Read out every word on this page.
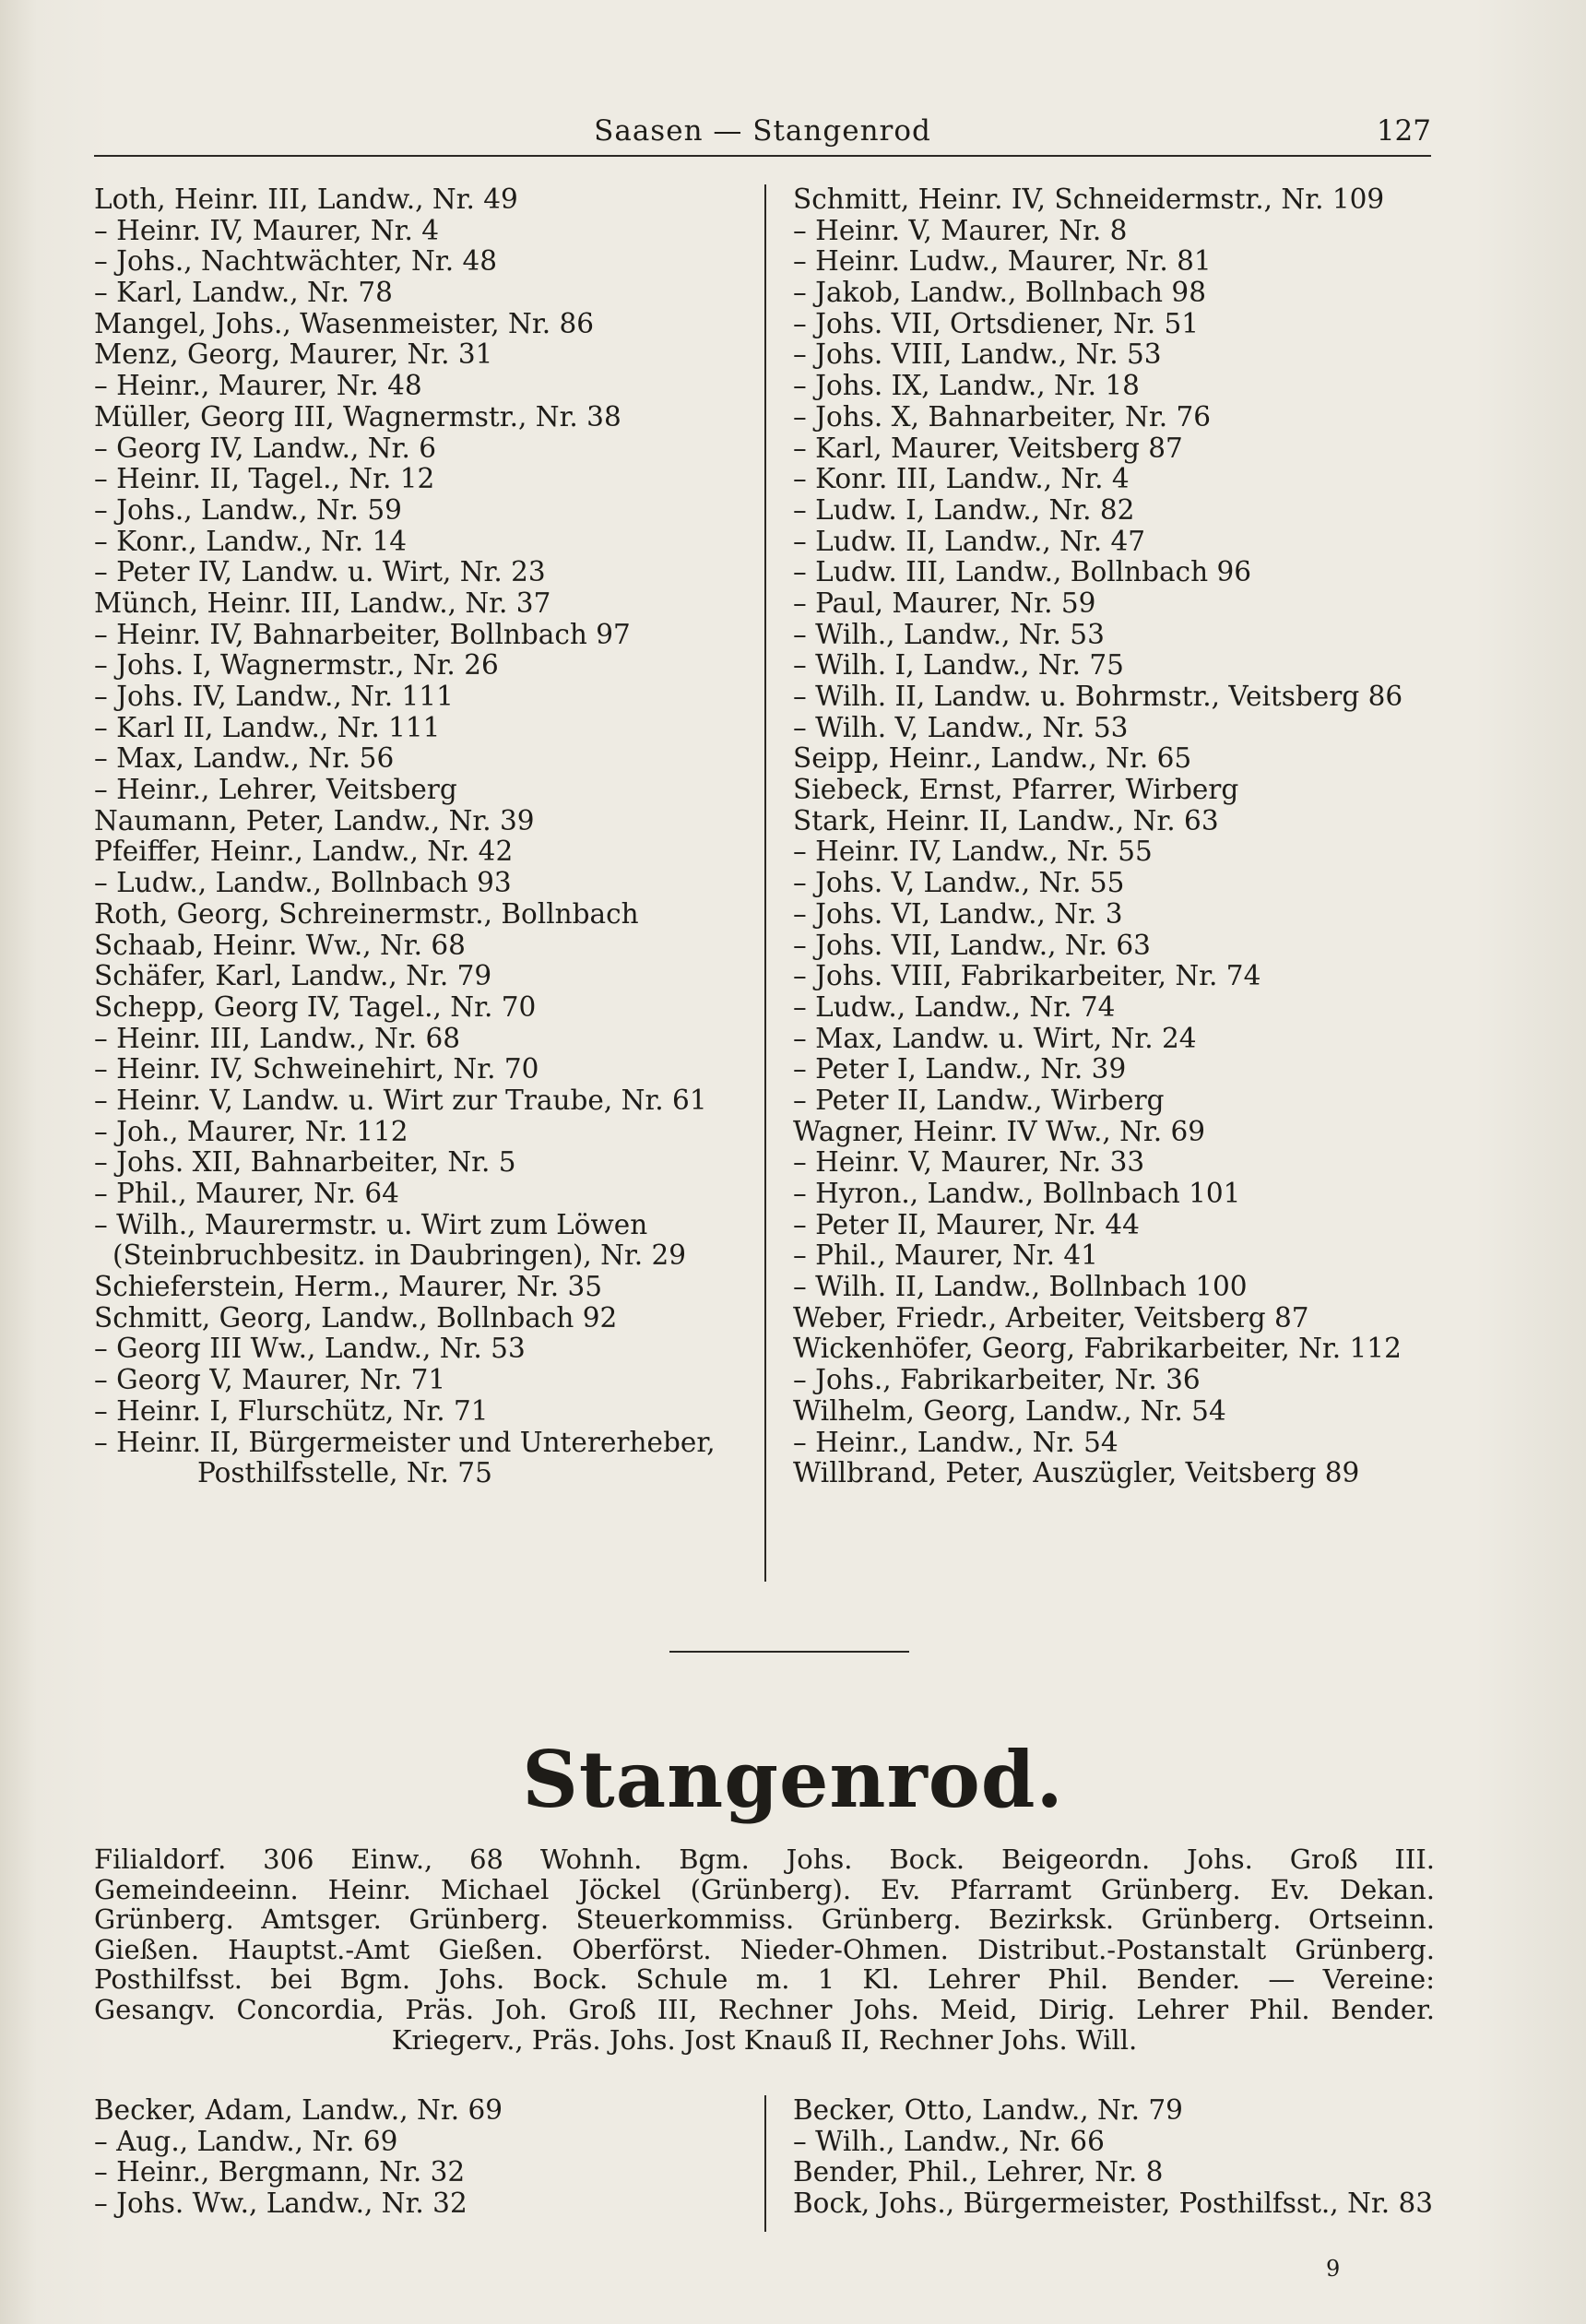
Saasen — Stangenrod	127
Loth, Heinr. III, Landw., Nr. 49
– Heinr. IV, Maurer, Nr. 4
– Johs., Nachtwächter, Nr. 48
– Karl, Landw., Nr. 78
Mangel, Johs., Wasenmeister, Nr. 86
Menz, Georg, Maurer, Nr. 31
– Heinr., Maurer, Nr. 48
Müller, Georg III, Wagnermstr., Nr. 38
– Georg IV, Landw., Nr. 6
– Heinr. II, Tagel., Nr. 12
– Johs., Landw., Nr. 59
– Konr., Landw., Nr. 14
– Peter IV, Landw. u. Wirt, Nr. 23
Münch, Heinr. III, Landw., Nr. 37
– Heinr. IV, Bahnarbeiter, Bollnbach 97
– Johs. I, Wagnermstr., Nr. 26
– Johs. IV, Landw., Nr. 111
– Karl II, Landw., Nr. 111
– Max, Landw., Nr. 56
– Heinr., Lehrer, Veitsberg
Naumann, Peter, Landw., Nr. 39
Pfeiffer, Heinr., Landw., Nr. 42
– Ludw., Landw., Bollnbach 93
Roth, Georg, Schreinermstr., Bollnbach
Schaab, Heinr. Ww., Nr. 68
Schäfer, Karl, Landw., Nr. 79
Schepp, Georg IV, Tagel., Nr. 70
– Heinr. III, Landw., Nr. 68
– Heinr. IV, Schweinehirt, Nr. 70
– Heinr. V, Landw. u. Wirt zur Traube, Nr. 61
– Joh., Maurer, Nr. 112
– Johs. XII, Bahnarbeiter, Nr. 5
– Phil., Maurer, Nr. 64
– Wilh., Maurermstr. u. Wirt zum Löwen
(Steinbruchbesitz. in Daubringen), Nr. 29
Schieferstein, Herm., Maurer, Nr. 35
Schmitt, Georg, Landw., Bollnbach 92
– Georg III Ww., Landw., Nr. 53
– Georg V, Maurer, Nr. 71
– Heinr. I, Flurschütz, Nr. 71
– Heinr. II, Bürgermeister und Untererheber,
Posthilfsstelle, Nr. 75
Schmitt, Heinr. IV, Schneidermstr., Nr. 109
– Heinr. V, Maurer, Nr. 8
– Heinr. Ludw., Maurer, Nr. 81
– Jakob, Landw., Bollnbach 98
– Johs. VII, Ortsdiener, Nr. 51
– Johs. VIII, Landw., Nr. 53
– Johs. IX, Landw., Nr. 18
– Johs. X, Bahnarbeiter, Nr. 76
– Karl, Maurer, Veitsberg 87
– Konr. III, Landw., Nr. 4
– Ludw. I, Landw., Nr. 82
– Ludw. II, Landw., Nr. 47
– Ludw. III, Landw., Bollnbach 96
– Paul, Maurer, Nr. 59
– Wilh., Landw., Nr. 53
– Wilh. I, Landw., Nr. 75
– Wilh. II, Landw. u. Bohrmstr., Veitsberg 86
– Wilh. V, Landw., Nr. 53
Seipp, Heinr., Landw., Nr. 65
Siebeck, Ernst, Pfarrer, Wirberg
Stark, Heinr. II, Landw., Nr. 63
– Heinr. IV, Landw., Nr. 55
– Johs. V, Landw., Nr. 55
– Johs. VI, Landw., Nr. 3
– Johs. VII, Landw., Nr. 63
– Johs. VIII, Fabrikarbeiter, Nr. 74
– Ludw., Landw., Nr. 74
– Max, Landw. u. Wirt, Nr. 24
– Peter I, Landw., Nr. 39
– Peter II, Landw., Wirberg
Wagner, Heinr. IV Ww., Nr. 69
– Heinr. V, Maurer, Nr. 33
– Hyron., Landw., Bollnbach 101
– Peter II, Maurer, Nr. 44
– Phil., Maurer, Nr. 41
– Wilh. II, Landw., Bollnbach 100
Weber, Friedr., Arbeiter, Veitsberg 87
Wickenhöfer, Georg, Fabrikarbeiter, Nr. 112
– Johs., Fabrikarbeiter, Nr. 36
Wilhelm, Georg, Landw., Nr. 54
– Heinr., Landw., Nr. 54
Willbrand, Peter, Auszügler, Veitsberg 89
Stangenrod.
Filialdorf. 306 Einw., 68 Wohnh. Bgm. Johs. Bock. Beigeordn. Johs. Groß III.
Gemeindeeinn. Heinr. Michael Jöckel (Grünberg). Ev. Pfarramt Grünberg. Ev. Dekan.
Grünberg. Amtsger. Grünberg. Steuerkommiss. Grünberg. Bezirksk. Grünberg. Ortseinn.
Gießen. Hauptst.-Amt Gießen. Oberförst. Nieder-Ohmen. Distribut.-Postanstalt Grünberg.
Posthilfsst. bei Bgm. Johs. Bock. Schule m. 1 Kl. Lehrer Phil. Bender. — Vereine:
Gesangv. Concordia, Präs. Joh. Groß III, Rechner Johs. Meid, Dirig. Lehrer Phil. Bender.
Kriegerv., Präs. Johs. Jost Knauß II, Rechner Johs. Will.
Becker, Adam, Landw., Nr. 69
– Aug., Landw., Nr. 69
– Heinr., Bergmann, Nr. 32
– Johs. Ww., Landw., Nr. 32
Becker, Otto, Landw., Nr. 79
– Wilh., Landw., Nr. 66
Bender, Phil., Lehrer, Nr. 8
Bock, Johs., Bürgermeister, Posthilfsst., Nr. 83
9
